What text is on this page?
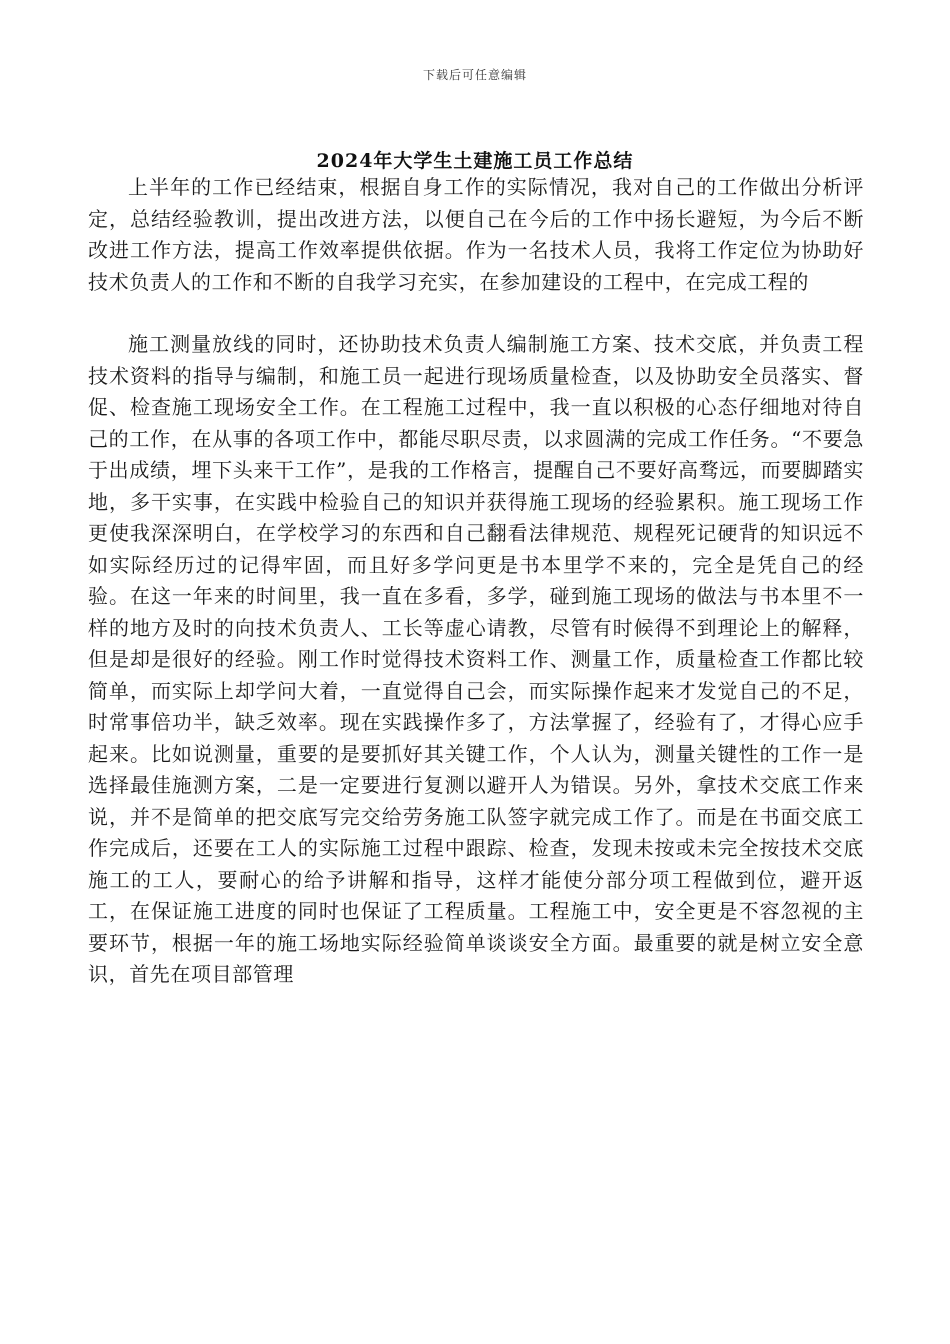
下载后可任意编辑
2024年大学生土建施工员工作总结

上半年的工作已经结束，根据自身工作的实际情况，我对自己的工作做出分析评定，总结经验教训，提出改进方法，以便自己在今后的工作中扬长避短，为今后不断改进工作方法，提高工作效率提供依据。作为一名技术人员，我将工作定位为协助好技术负责人的工作和不断的自我学习充实，在参加建设的工程中，在完成工程的

施工测量放线的同时，还协助技术负责人编制施工方案、技术交底，并负责工程技术资料的指导与编制，和施工员一起进行现场质量检查，以及协助安全员落实、督促、检查施工现场安全工作。在工程施工过程中，我一直以积极的心态仔细地对待自己的工作，在从事的各项工作中，都能尽职尽责，以求圆满的完成工作任务。“不要急于出成绩，埋下头来干工作”，是我的工作格言，提醒自己不要好高骛远，而要脚踏实地，多干实事，在实践中检验自己的知识并获得施工现场的经验累积。施工现场工作更使我深深明白，在学校学习的东西和自己翻看法律规范、规程死记硬背的知识远不如实际经历过的记得牢固，而且好多学问更是书本里学不来的，完全是凭自己的经验。在这一年来的时间里，我一直在多看，多学，碰到施工现场的做法与书本里不一样的地方及时的向技术负责人、工长等虚心请教，尽管有时候得不到理论上的解释，但是却是很好的经验。刚工作时觉得技术资料工作、测量工作，质量检查工作都比较简单，而实际上却学问大着，一直觉得自己会，而实际操作起来才发觉自己的不足，时常事倍功半，缺乏效率。现在实践操作多了，方法掌握了，经验有了，才得心应手起来。比如说测量，重要的是要抓好其关键工作，个人认为，测量关键性的工作一是选择最佳施测方案，二是一定要进行复测以避开人为错误。另外，拿技术交底工作来说，并不是简单的把交底写完交给劳务施工队签字就完成工作了。而是在书面交底工作完成后，还要在工人的实际施工过程中跟踪、检查，发现未按或未完全按技术交底施工的工人，要耐心的给予讲解和指导，这样才能使分部分项工程做到位，避开返工，在保证施工进度的同时也保证了工程质量。工程施工中，安全更是不容忽视的主要环节，根据一年的施工场地实际经验简单谈谈安全方面。最重要的就是树立安全意识，首先在项目部管理
